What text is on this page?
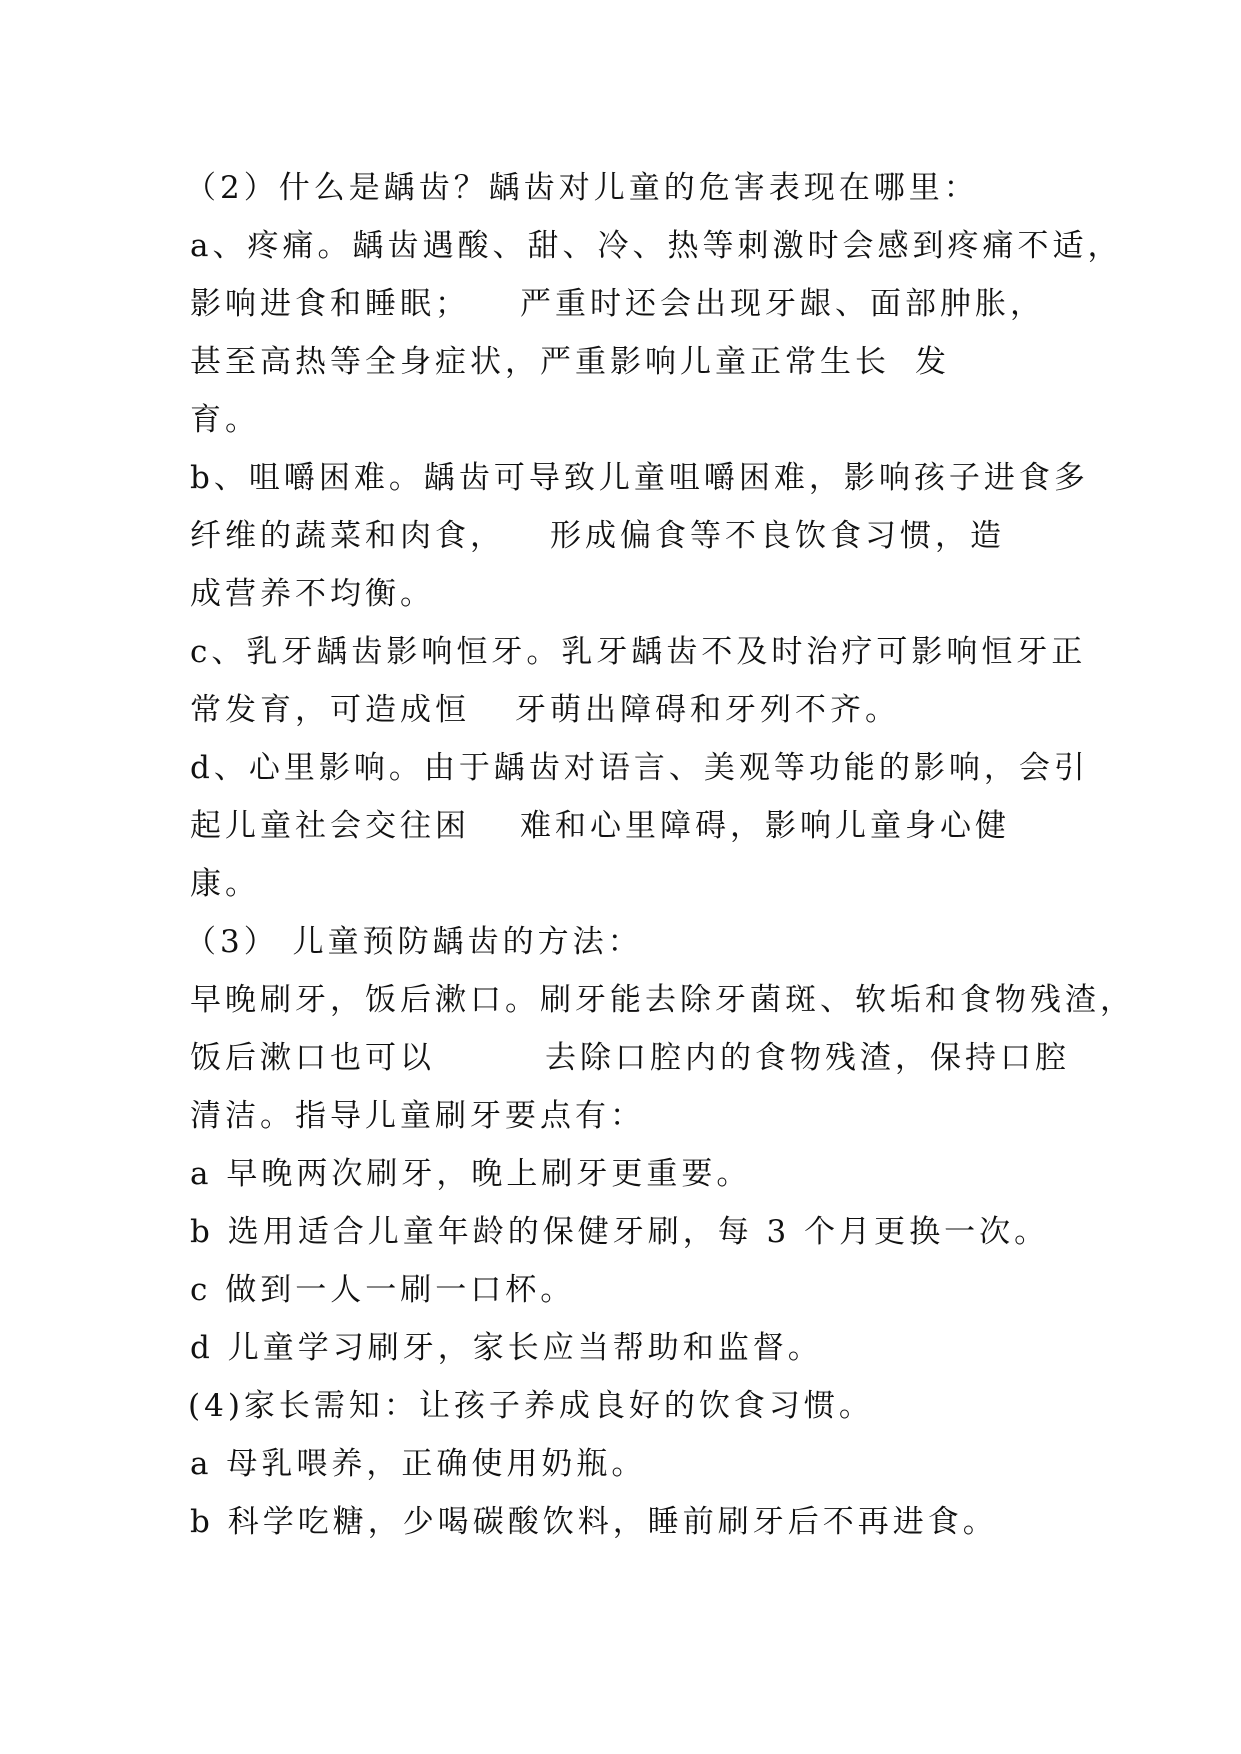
（2）什么是龋齿？龋齿对儿童的危害表现在哪里：
a、疼痛。龋齿遇酸、甜、冷、热等刺激时会感到疼痛不适，

影响进食和睡眠；

严重时还会出现牙龈、面部肿胀，

甚至高热等全身症状，严重影响儿童正常生长

发

育。
b、咀嚼困难。龋齿可导致儿童咀嚼困难，影响孩子进食多

纤维的蔬菜和肉食，

形成偏食等不良饮食习惯，造

成营养不均衡。
c、乳牙龋齿影响恒牙。乳牙龋齿不及时治疗可影响恒牙正

常发育，可造成恒

牙萌出障碍和牙列不齐。

d、心里影响。由于龋齿对语言、美观等功能的影响，会引

起儿童社会交往困

难和心里障碍，影响儿童身心健

康。
（3） 儿童预防龋齿的方法：
早晚刷牙，饭后漱口。刷牙能去除牙菌斑、软垢和食物残渣，

饭后漱口也可以

	去除口腔内的食物残渣，保持口腔

清洁。指导儿童刷牙要点有：
a 早晚两次刷牙，晚上刷牙更重要。
b 选用适合儿童年龄的保健牙刷，每 3 个月更换一次。
c 做到一人一刷一口杯。
d 儿童学习刷牙，家长应当帮助和监督。
(4)家长需知：让孩子养成良好的饮食习惯。
a 母乳喂养，正确使用奶瓶。
b 科学吃糖，少喝碳酸饮料，睡前刷牙后不再进食。
